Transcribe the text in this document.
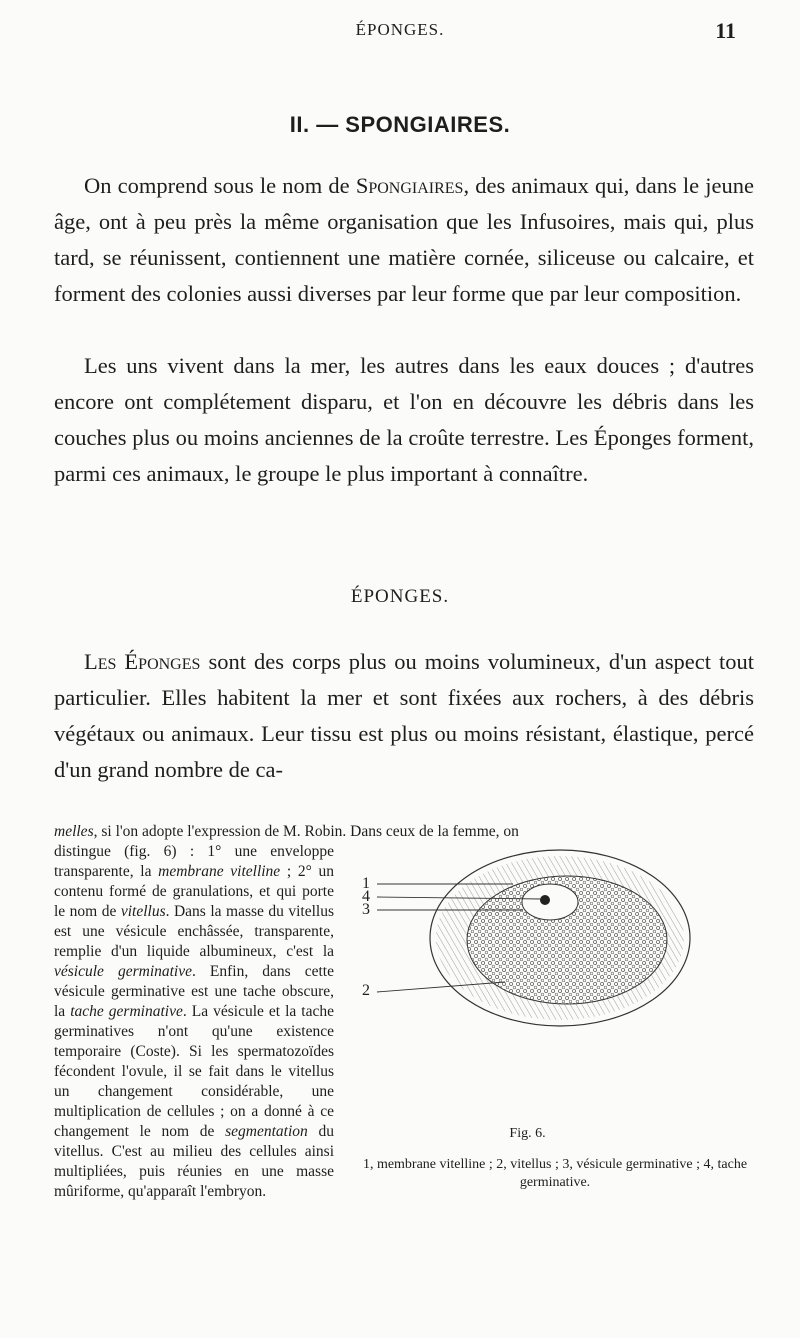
ÉPONGES.	11
II. — SPONGIAIRES.

On comprend sous le nom de Spongiaires, des animaux qui, dans le jeune âge, ont à peu près la même organisation que les Infusoires, mais qui, plus tard, se réunissent, contiennent une matière cornée, siliceuse ou calcaire, et forment des colonies aussi diverses par leur forme que par leur composition.

Les uns vivent dans la mer, les autres dans les eaux douces ; d'autres encore ont complétement disparu, et l'on en découvre les débris dans les couches plus ou moins anciennes de la croûte terrestre. Les Éponges forment, parmi ces animaux, le groupe le plus important à connaître.

ÉPONGES.

Les Éponges sont des corps plus ou moins volumineux, d'un aspect tout particulier. Elles habitent la mer et sont fixées aux rochers, à des débris végétaux ou animaux. Leur tissu est plus ou moins résistant, élastique, percé d'un grand nombre de ca-

melles, si l'on adopte l'expression de M. Robin. Dans ceux de la femme, on

distingue (fig. 6) : 1° une enveloppe transparente, la membrane vitelline ; 2° un contenu formé de granulations, et qui porte le nom de vitellus. Dans la masse du vitellus est une vésicule enchâssée, transparente, remplie d'un liquide albumineux, c'est la vésicule germinative. Enfin, dans cette vésicule germinative est une tache obscure, la tache germinative. La vésicule et la tache germinatives n'ont qu'une existence temporaire (Coste). Si les spermatozoïdes fécondent l'ovule, il se fait dans le vitellus un changement considérable, une multiplication de cellules ; on a donné à ce changement le nom de segmentation du vitellus. C'est au milieu des cellules ainsi multipliées, puis réunies en une masse mûriforme, qu'apparaît l'embryon.

1
4
3
2
Fig. 6.
1, membrane vitelline ; 2, vitellus ; 3, vésicule germinative ; 4, tache germinative.
